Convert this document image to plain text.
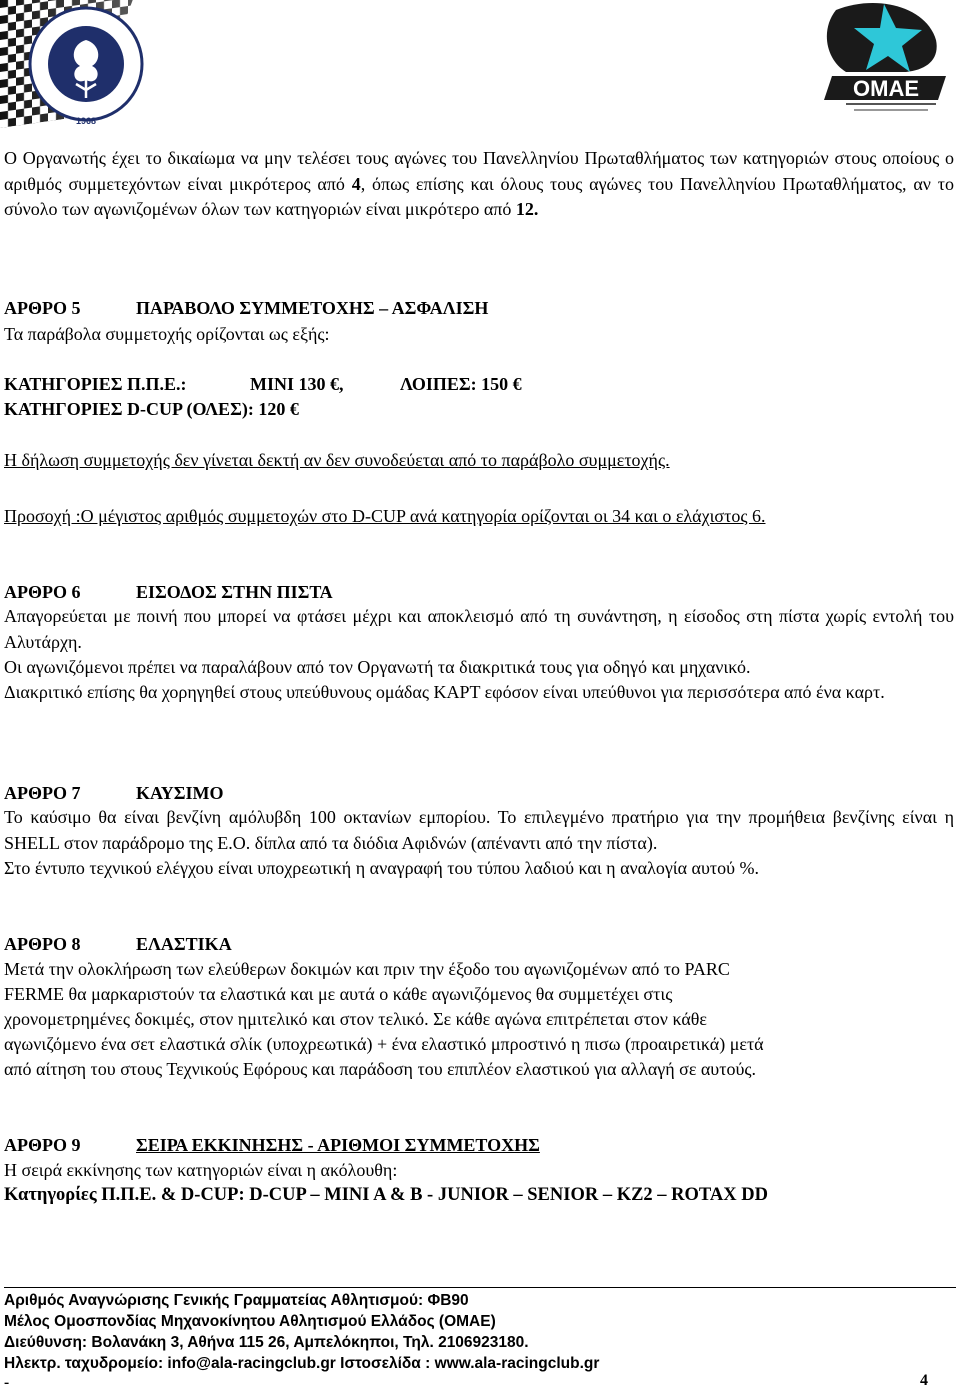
1968
ΟΜΑΕ
Ο Οργανωτής έχει το δικαίωμα να μην τελέσει τους αγώνες του Πανελληνίου Πρωταθλήματος των κατηγοριών στους οποίους ο αριθμός συμμετεχόντων είναι μικρότερος από 4, όπως επίσης και όλους τους αγώνες του Πανελληνίου Πρωταθλήματος, αν το σύνολο των αγωνιζομένων όλων των κατηγοριών είναι μικρότερο από 12.
ΑΡΘΡΟ 5	ΠΑΡΑΒΟΛΟ ΣΥΜΜΕΤΟΧΗΣ – ΑΣΦΑΛΙΣΗ
Τα παράβολα συμμετοχής ορίζονται ως εξής:
ΚΑΤΗΓΟΡΙΕΣ Π.Π.Ε.:	MINI 130 €,	ΛΟΙΠΕΣ: 150 €
ΚΑΤΗΓΟΡΙΕΣ D-CUP (ΟΛΕΣ): 120 €
Η δήλωση συμμετοχής δεν γίνεται δεκτή αν δεν συνοδεύεται από το παράβολο συμμετοχής.
Προσοχή :Ο μέγιστος αριθμός συμμετοχών στο D-CUP ανά κατηγορία ορίζονται οι 34 και ο ελάχιστος 6.
ΑΡΘΡΟ 6	ΕΙΣΟΔΟΣ ΣΤΗΝ ΠΙΣΤΑ
Απαγορεύεται με ποινή που μπορεί να φτάσει μέχρι και αποκλεισμό από τη συνάντηση, η είσοδος στη πίστα χωρίς εντολή του Αλυτάρχη.
Οι αγωνιζόμενοι πρέπει να παραλάβουν από τον Οργανωτή τα διακριτικά τους για οδηγό και μηχανικό.
Διακριτικό επίσης θα χορηγηθεί στους υπεύθυνους ομάδας ΚΑΡΤ εφόσον είναι υπεύθυνοι για περισσότερα από ένα καρτ.
ΑΡΘΡΟ 7	ΚΑΥΣΙΜΟ
Το καύσιμο θα είναι βενζίνη αμόλυβδη 100 οκτανίων εμπορίου. Το επιλεγμένο πρατήριο για την προμήθεια βενζίνης είναι η SHELL στον παράδρομο της Ε.Ο. δίπλα από τα διόδια Αφιδνών (απέναντι από την πίστα).
Στο έντυπο τεχνικού ελέγχου είναι υποχρεωτική η αναγραφή του τύπου λαδιού και η αναλογία αυτού %.
ΑΡΘΡΟ 8	ΕΛΑΣΤΙΚΑ
Μετά την ολοκλήρωση των ελεύθερων δοκιμών και πριν την έξοδο του αγωνιζομένων από το PARC
FERME θα μαρκαριστούν τα ελαστικά και με αυτά ο κάθε αγωνιζόμενος θα συμμετέχει στις
χρονομετρημένες δοκιμές, στον ημιτελικό και στον τελικό. Σε κάθε αγώνα επιτρέπεται στον κάθε
αγωνιζόμενο ένα σετ ελαστικά σλίκ (υποχρεωτικά) + ένα ελαστικό μπροστινό η πισω (προαιρετικά) μετά
από αίτηση του στους Τεχνικούς Εφόρους και παράδοση του επιπλέον ελαστικού για αλλαγή σε αυτούς.
ΑΡΘΡΟ 9	ΣΕΙΡΑ ΕΚΚΙΝΗΣΗΣ - ΑΡΙΘΜΟΙ ΣΥΜΜΕΤΟΧΗΣ
Η σειρά εκκίνησης των κατηγοριών είναι η ακόλουθη:
Κατηγορίες Π.Π.Ε. & D-CUP: D-CUP – MINI A & B - JUNIOR – SENIOR – KZ2 – ROTAX DD
Αριθμός Αναγνώρισης Γενικής Γραμματείας Αθλητισμού: ΦΒ90
Μέλος Ομοσπονδίας Μηχανοκίνητου Αθλητισμού Ελλάδος (ΟΜΑΕ)
Διεύθυνση: Βολανάκη 3, Αθήνα 115 26, Αμπελόκηποι, Τηλ. 2106923180.
Ηλεκτρ. ταχυδρομείο: info@ala-racingclub.gr Ιστοσελίδα : www.ala-racingclub.gr
-	4
